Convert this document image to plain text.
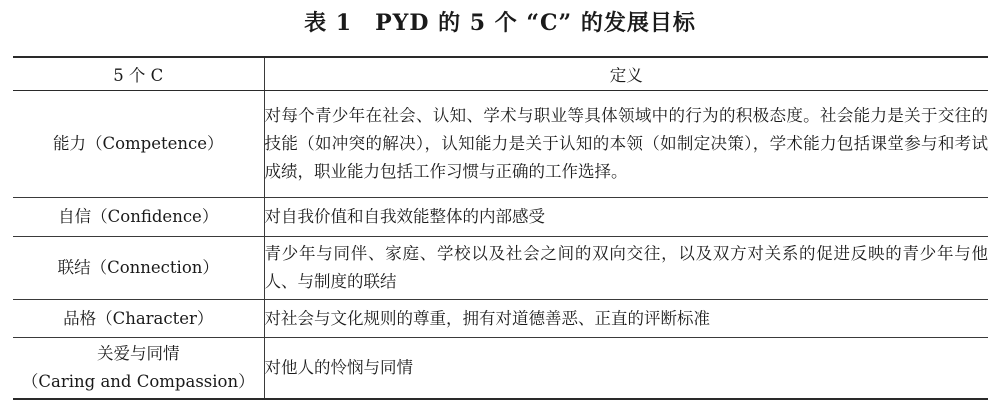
表 1　PYD 的 5 个 “C” 的发展目标
5 个 C	定义

能力（Competence）	对每个青少年在社会、认知、学术与职业等具体领域中的行为的积极态度。社会能力是关于交往的技能（如冲突的解决），认知能力是关于认知的本领（如制定决策），学术能力包括课堂参与和考试成绩，职业能力包括工作习惯与正确的工作选择。

自信（Confidence）	对自我价值和自我效能整体的内部感受

联结（Connection）	青少年与同伴、家庭、学校以及社会之间的双向交往，以及双方对关系的促进反映的青少年与他人、与制度的联结

品格（Character）	对社会与文化规则的尊重，拥有对道德善恶、正直的评断标准

关爱与同情
（Caring and Compassion）	对他人的怜悯与同情
